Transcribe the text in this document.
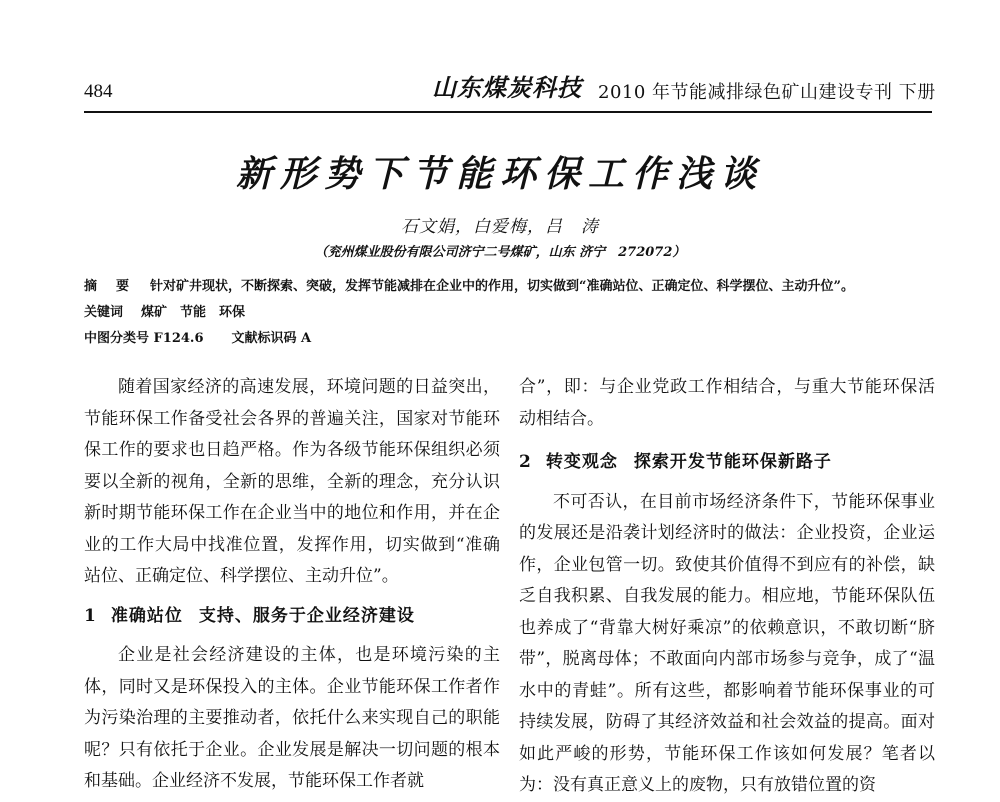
484	山东煤炭科技 2010 年节能减排绿色矿山建设专刊 下册
新形势下节能环保工作浅谈
石文娟，白爱梅，吕　涛
（兖州煤业股份有限公司济宁二号煤矿，山东 济宁　272072）
摘　要 针对矿井现状，不断探索、突破，发挥节能减排在企业中的作用，切实做到“准确站位、正确定位、科学摆位、主动升位”。
关键词 煤矿　节能　环保
中图分类号 F124.6 文献标识码 A

随着国家经济的高速发展，环境问题的日益突出，节能环保工作备受社会各界的普遍关注，国家对节能环保工作的要求也日趋严格。作为各级节能环保组织必须要以全新的视角，全新的思维，全新的理念，充分认识新时期节能环保工作在企业当中的地位和作用，并在企业的工作大局中找准位置，发挥作用，切实做到“准确站位、正确定位、科学摆位、主动升位”。

1 准确站位 支持、服务于企业经济建设

企业是社会经济建设的主体，也是环境污染的主体，同时又是环保投入的主体。企业节能环保工作者作为污染治理的主要推动者，依托什么来实现自己的职能呢？只有依托于企业。企业发展是解决一切问题的根本和基础。企业经济不发展，节能环保工作者就

合”，即：与企业党政工作相结合，与重大节能环保活动相结合。

2 转变观念 探索开发节能环保新路子

不可否认，在目前市场经济条件下，节能环保事业的发展还是沿袭计划经济时的做法：企业投资，企业运作，企业包管一切。致使其价值得不到应有的补偿，缺乏自我积累、自我发展的能力。相应地，节能环保队伍也养成了“背靠大树好乘凉”的依赖意识，不敢切断“脐带”，脱离母体；不敢面向内部市场参与竞争，成了“温水中的青蛙”。所有这些，都影响着节能环保事业的可持续发展，防碍了其经济效益和社会效益的提高。面对如此严峻的形势，节能环保工作该如何发展？笔者以为：没有真正意义上的废物，只有放错位置的资
